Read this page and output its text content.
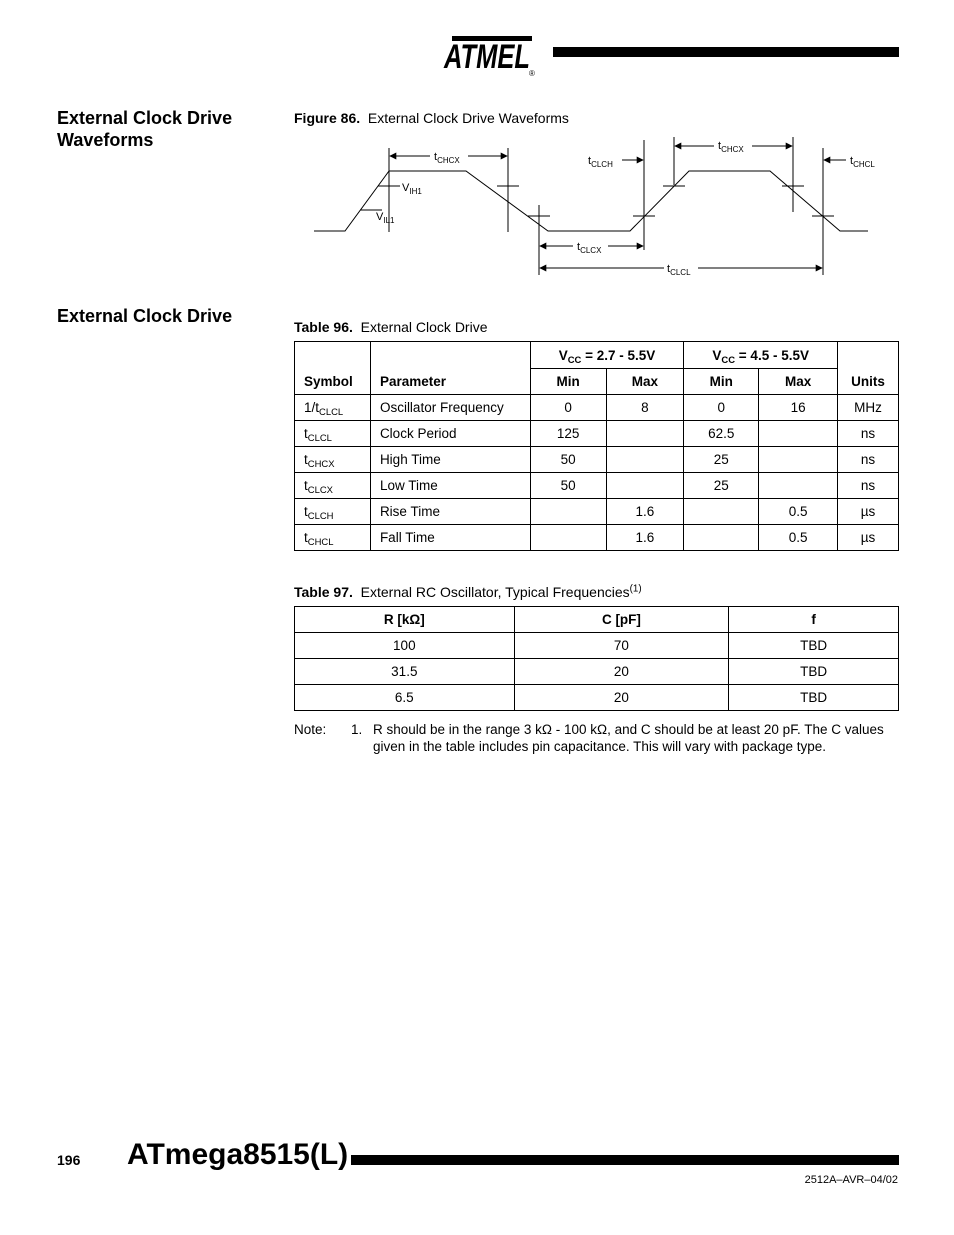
ATMEL ®
External Clock Drive
Waveforms
External Clock Drive
Figure 86. External Clock Drive Waveforms
$t_{CHCX}$	$t_{CLCH}$
$t_{CHCX}$
$t_{CHCL}$
$V_{IH1}$
$V_{IL1}$
$t_{CLCX}$
$t_{CLCL}$
Table 96. External Clock Drive
Symbol	Parameter	$V_{CC} = 2.7 - 5.5V$		$V_{CC} = 4.5 - 5.5V$		Units
		Min	Max	Min	Max	
$1/t_{CLCL}$	Oscillator Frequency	0	8	0	16	MHz
$t_{CLCL}$	Clock Period	125		62.5		ns
$t_{CHCX}$	High Time	50		25		ns
$t_{CLCX}$	Low Time	50		25		ns
$t_{CLCH}$	Rise Time		1.6		0.5	µs
$t_{CHCL}$	Fall Time		1.6		0.5	µs
Table 97. External RC Oscillator, Typical Frequencies$^{(1)}$
R [kΩ]	C [pF]	f
100	70	TBD
31.5	20	TBD
6.5	20	TBD
Note: 1. R should be in the range 3 kΩ - 100 kΩ, and C should be at least 20 pF. The C values given in the table includes pin capacitance. This will vary with package type.
196 ATmega8515(L)
2512A–AVR–04/02
